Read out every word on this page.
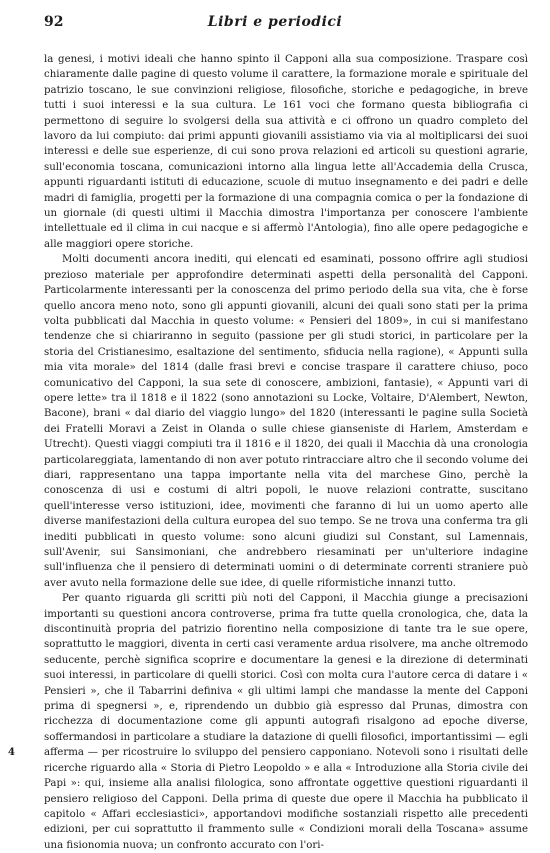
92	Libri e periodici

la genesi, i motivi ideali che hanno spinto il Capponi alla sua composizione. Traspare così chiaramente dalle pagine di questo volume il carattere, la formazione morale e spirituale del patrizio toscano, le sue convinzioni religiose, filosofiche, storiche e pedagogiche, in breve tutti i suoi interessi e la sua cultura. Le 161 voci che formano questa bibliografia ci permettono di seguire lo svolgersi della sua attività e ci offrono un quadro completo del lavoro da lui compiuto: dai primi appunti giovanili assistiamo via via al moltiplicarsi dei suoi interessi e delle sue esperienze, di cui sono prova relazioni ed articoli su questioni agrarie, sull'economia toscana, comunicazioni intorno alla lingua lette all'Accademia della Crusca, appunti riguardanti istituti di educazione, scuole di mutuo insegnamento e dei padri e delle madri di famiglia, progetti per la formazione di una compagnia comica o per la fondazione di un giornale (di questi ultimi il Macchia dimostra l'importanza per conoscere l'ambiente intellettuale ed il clima in cui nacque e si affermò l'Antologia), fino alle opere pedagogiche e alle maggiori opere storiche.

Molti documenti ancora inediti, qui elencati ed esaminati, possono offrire agli studiosi prezioso materiale per approfondire determinati aspetti della personalità del Capponi. Particolarmente interessanti per la conoscenza del primo periodo della sua vita, che è forse quello ancora meno noto, sono gli appunti giovanili, alcuni dei quali sono stati per la prima volta pubblicati dal Macchia in questo volume: « Pensieri del 1809», in cui si manifestano tendenze che si chiariranno in seguito (passione per gli studi storici, in particolare per la storia del Cristianesimo, esaltazione del sentimento, sfiducia nella ragione), « Appunti sulla mia vita morale» del 1814 (dalle frasi brevi e concise traspare il carattere chiuso, poco comunicativo del Capponi, la sua sete di conoscere, ambizioni, fantasie), « Appunti vari di opere lette» tra il 1818 e il 1822 (sono annotazioni su Locke, Voltaire, D'Alembert, Newton, Bacone), brani « dal diario del viaggio lungo» del 1820 (interessanti le pagine sulla Società dei Fratelli Moravi a Zeist in Olanda o sulle chiese gianseniste di Harlem, Amsterdam e Utrecht). Questi viaggi compiuti tra il 1816 e il 1820, dei quali il Macchia dà una cronologia particolareggiata, lamentando di non aver potuto rintracciare altro che il secondo volume dei diari, rappresentano una tappa importante nella vita del marchese Gino, perchè la conoscenza di usi e costumi di altri popoli, le nuove relazioni contratte, suscitano quell'interesse verso istituzioni, idee, movimenti che faranno di lui un uomo aperto alle diverse manifestazioni della cultura europea del suo tempo. Se ne trova una conferma tra gli inediti pubblicati in questo volume: sono alcuni giudizi sul Constant, sul Lamennais, sull'Avenir, sui Sansimoniani, che andrebbero riesaminati per un'ulteriore indagine sull'influenza che il pensiero di determinati uomini o di determinate correnti straniere può aver avuto nella formazione delle sue idee, di quelle riformistiche innanzi tutto.

Per quanto riguarda gli scritti più noti del Capponi, il Macchia giunge a precisazioni importanti su questioni ancora controverse, prima fra tutte quella cronologica, che, data la discontinuità propria del patrizio fiorentino nella composizione di tante tra le sue opere, soprattutto le maggiori, diventa in certi casi veramente ardua risolvere, ma anche oltremodo seducente, perchè significa scoprire e documentare la genesi e la direzione di determinati suoi interessi, in particolare di quelli storici. Così con molta cura l'autore cerca di datare i « Pensieri », che il Tabarrini definiva « gli ultimi lampi che mandasse la mente del Capponi prima di spegnersi », e, riprendendo un dubbio già espresso dal Prunas, dimostra con ricchezza di documentazione come gli appunti autografi risalgono ad epoche diverse, soffermandosi in particolare a studiare la datazione di quelli filosofici, importantissimi — egli afferma — per ricostruire lo sviluppo del pensiero capponiano. Notevoli sono i risultati delle ricerche riguardo alla « Storia di Pietro Leopoldo » e alla « Introduzione alla Storia civile dei Papi »: qui, insieme alla analisi filologica, sono affrontate oggettive questioni riguardanti il pensiero religioso del Capponi. Della prima di queste due opere il Macchia ha pubblicato il capitolo « Affari ecclesiastici», apportandovi modifiche sostanziali rispetto alle precedenti edizioni, per cui soprattutto il frammento sulle « Condizioni morali della Toscana» assume una fisionomia nuova; un confronto accurato con l'ori-

4
